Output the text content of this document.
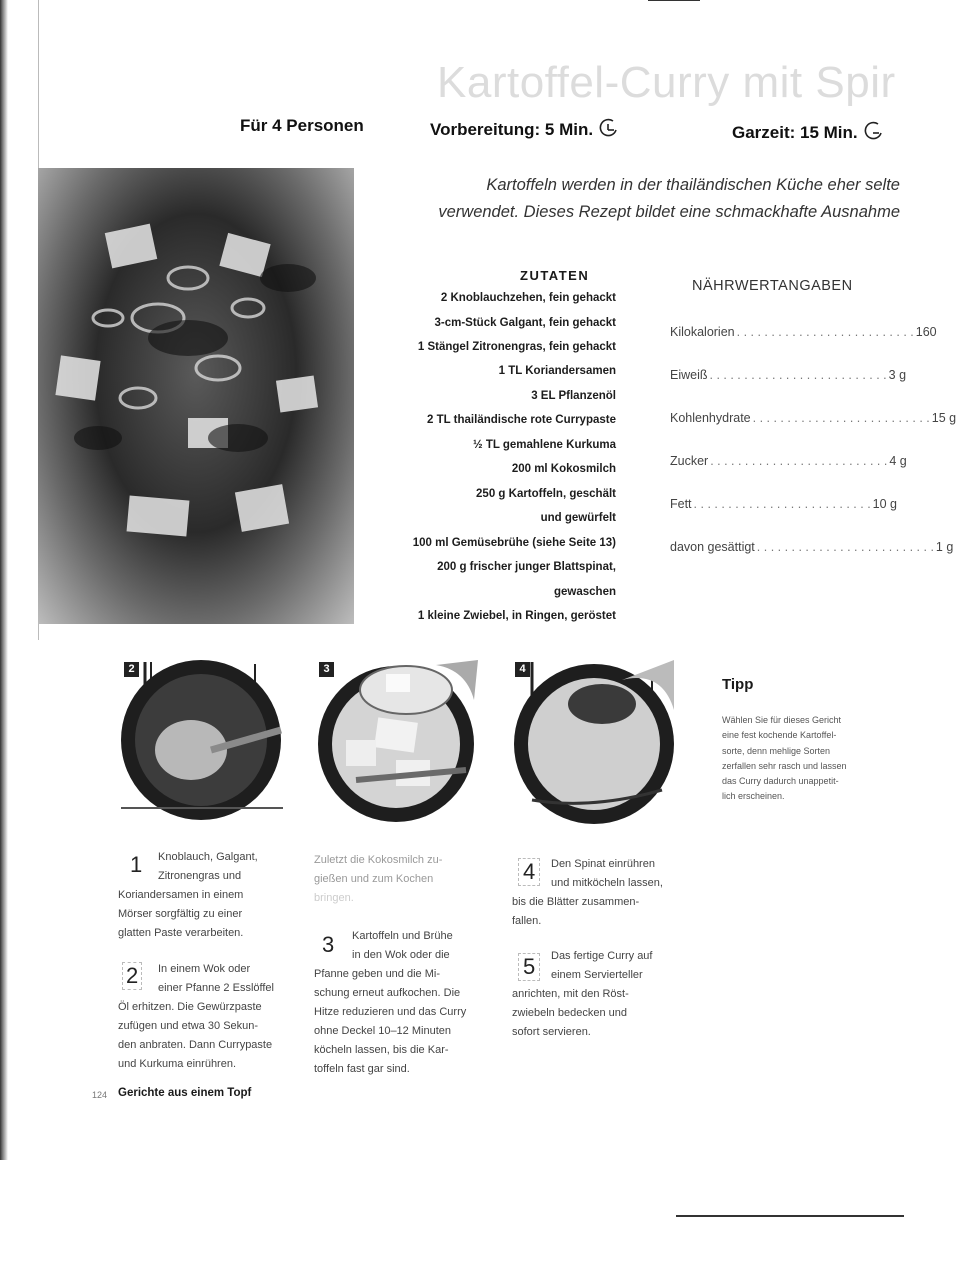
Kartoffel-Curry mit Spir
Für 4 Personen	Vorbereitung: 5 Min.	Garzeit: 15 Min.
Kartoffeln werden in der thailändischen Küche eher selte
verwendet. Dieses Rezept bildet eine schmackhafte Ausnahme
ZUTATEN
2 Knoblauchzehen, fein gehackt
3-cm-Stück Galgant, fein gehackt
1 Stängel Zitronengras, fein gehackt
1 TL Koriandersamen
3 EL Pflanzenöl
2 TL thailändische rote Currypaste
½ TL gemahlene Kurkuma
200 ml Kokosmilch
250 g Kartoffeln, geschält
und gewürfelt
100 ml Gemüsebrühe (siehe Seite 13)
200 g frischer junger Blattspinat,
gewaschen
1 kleine Zwiebel, in Ringen, geröstet
NÄHRWERTANGABEN
Kilokalorien . . . . . . . . . . . . . . . . . . . . . . . . . . 160
Eiweiß . . . . . . . . . . . . . . . . . . . . . . . . . . 3 g
Kohlenhydrate . . . . . . . . . . . . . . . . . . . . . . . . . . 15 g
Zucker . . . . . . . . . . . . . . . . . . . . . . . . . . 4 g
Fett . . . . . . . . . . . . . . . . . . . . . . . . . . 10 g
davon gesättigt . . . . . . . . . . . . . . . . . . . . . . . . . . 1 g
2	3	4
1 Knoblauch, Galgant,
Zitronengras und
Koriandersamen in einem
Mörser sorgfältig zu einer
glatten Paste verarbeiten.
2	In einem Wok oder
einer Pfanne 2 Esslöffel
Öl erhitzen. Die Gewürzpaste
zufügen und etwa 30 Sekun-
den anbraten. Dann Currypaste
und Kurkuma einrühren.
Zuletzt die Kokosmilch zu-
gießen und zum Kochen
bringen.
3 Kartoffeln und Brühe
in den Wok oder die
Pfanne geben und die Mi-
schung erneut aufkochen. Die
Hitze reduzieren und das Curry
ohne Deckel 10–12 Minuten
köcheln lassen, bis die Kar-
toffeln fast gar sind.
4	Den Spinat einrühren
und mitköcheln lassen,
bis die Blätter zusammen-
fallen.
5	Das fertige Curry auf
einem Servierteller
anrichten, mit den Röst-
zwiebeln bedecken und
sofort servieren.
Tipp
Wählen Sie für dieses Gericht
eine fest kochende Kartoffel-
sorte, denn mehlige Sorten
zerfallen sehr rasch und lassen
das Curry dadurch unappetit-
lich erscheinen.
124 Gerichte aus einem Topf
